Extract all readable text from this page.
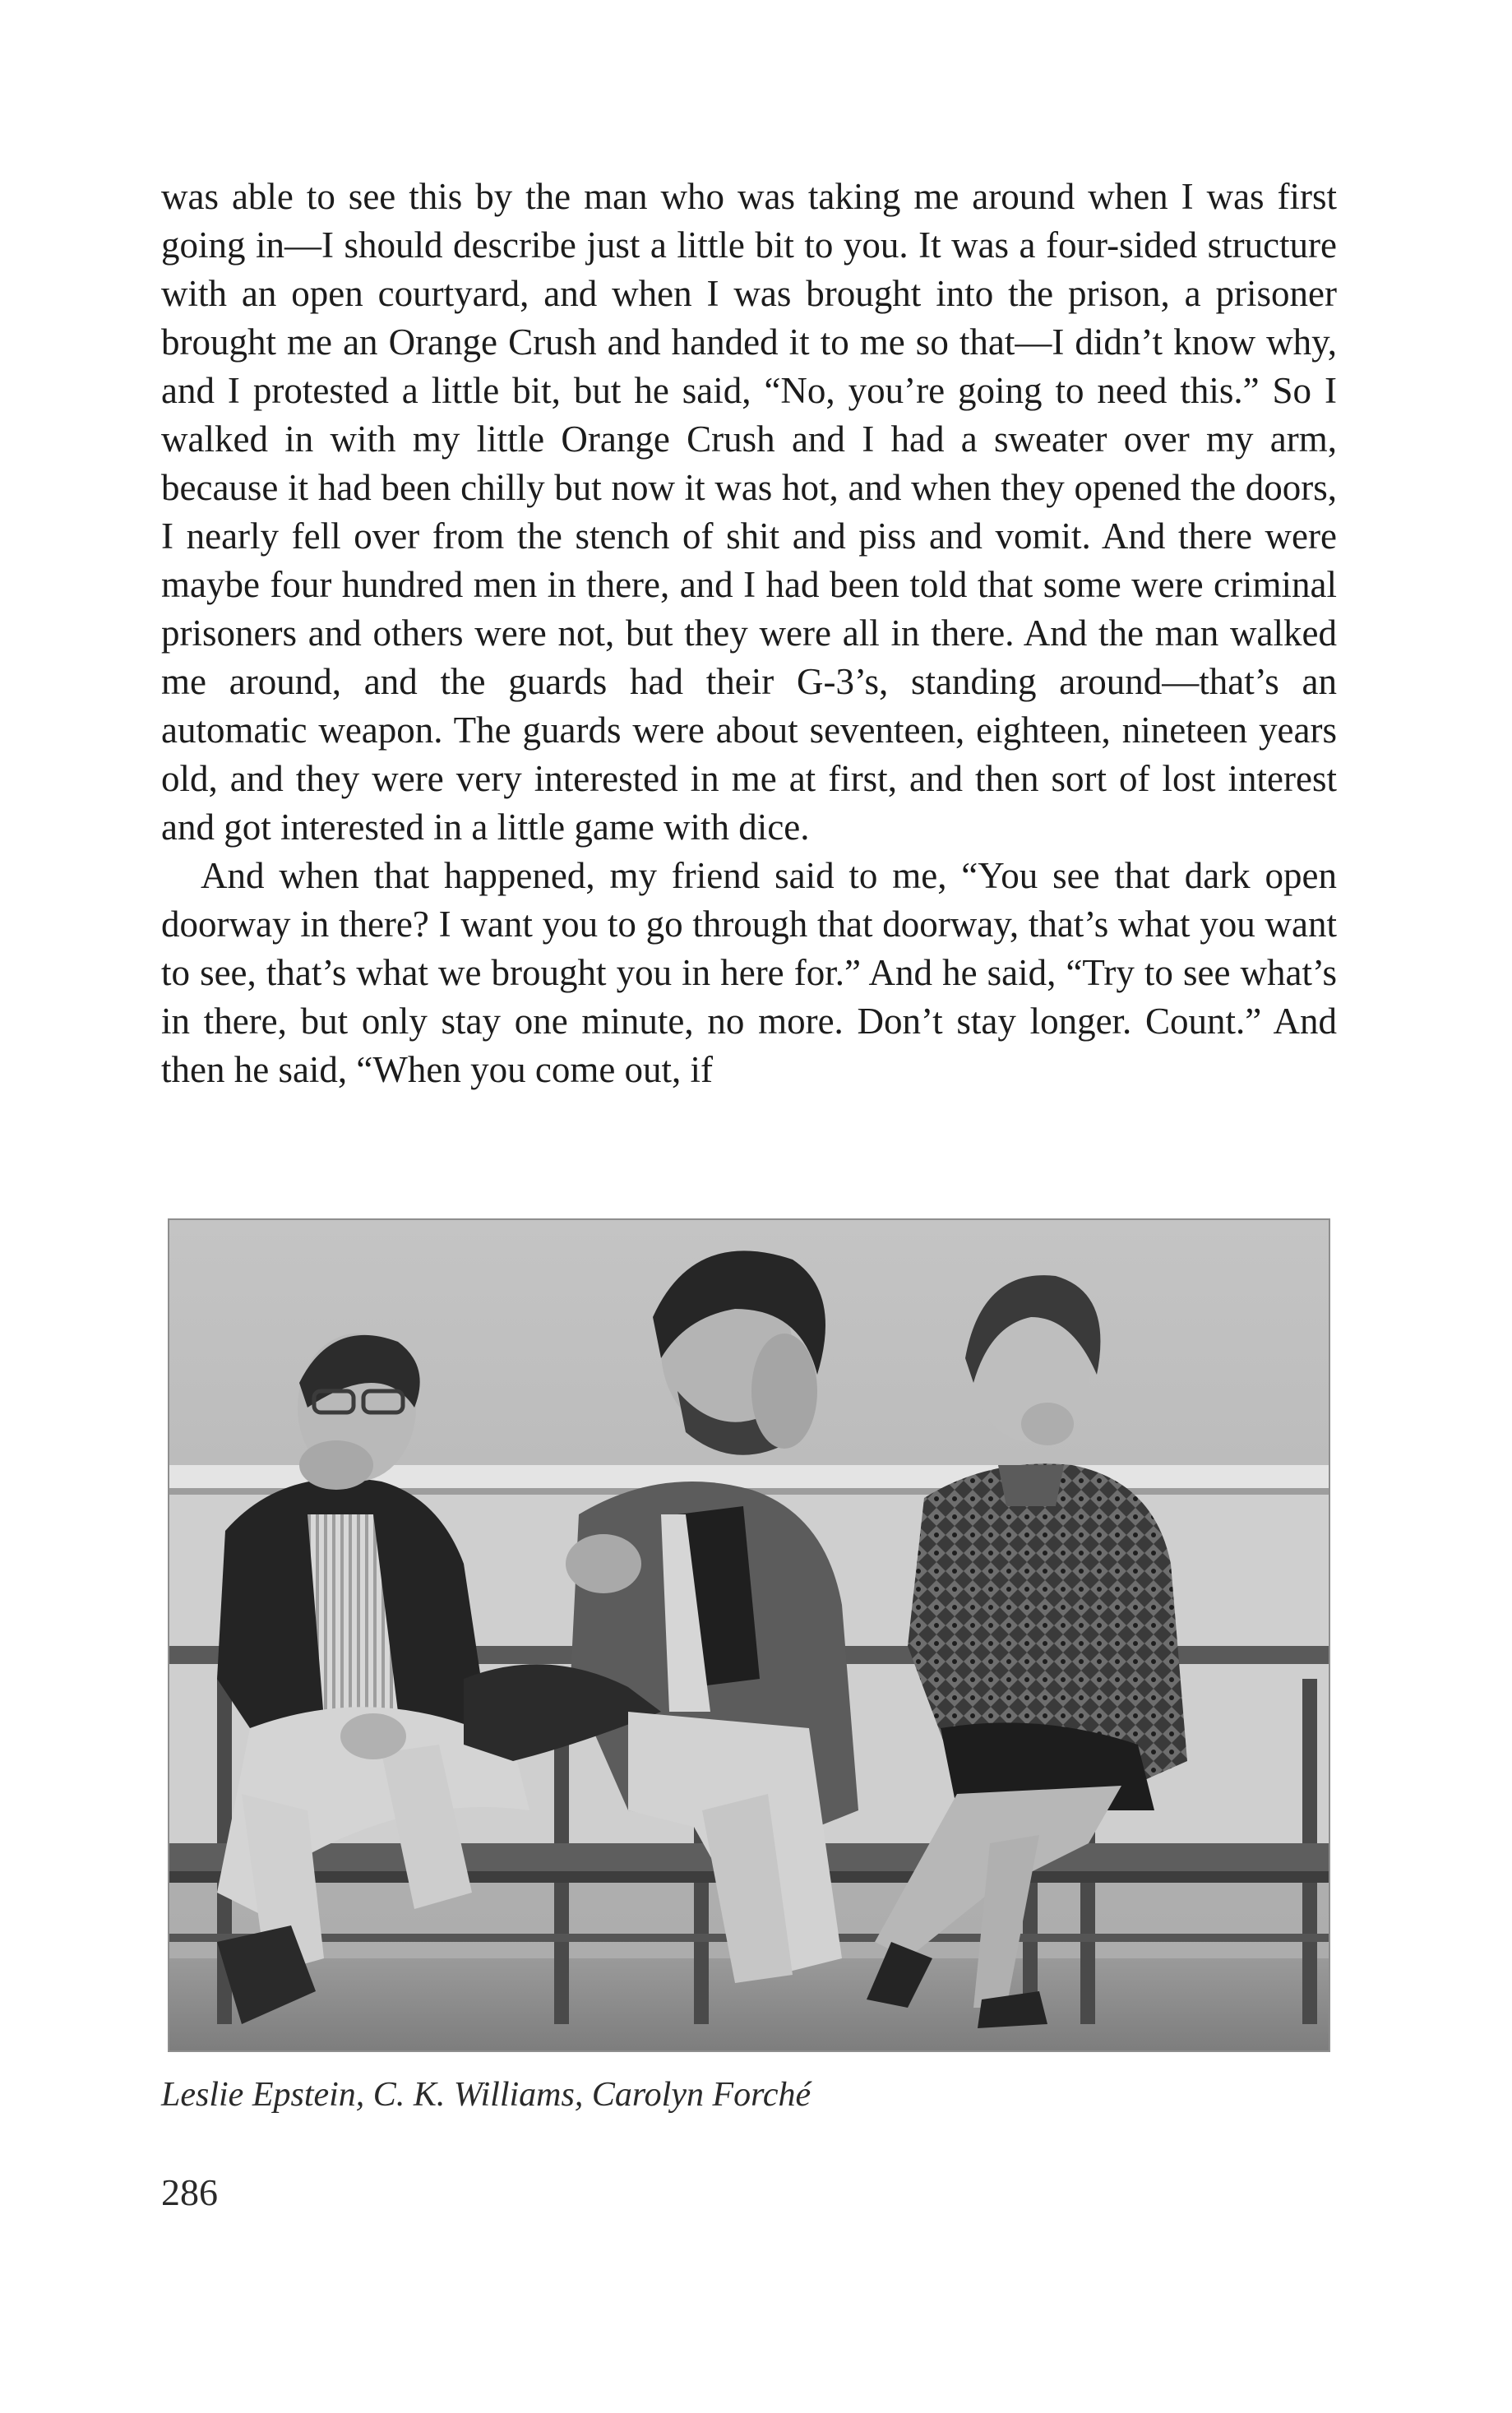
was able to see this by the man who was taking me around when I was first going in—I should describe just a little bit to you. It was a four-sided structure with an open courtyard, and when I was brought into the prison, a prisoner brought me an Orange Crush and handed it to me so that—I didn’t know why, and I protested a little bit, but he said, “No, you’re going to need this.” So I walked in with my little Orange Crush and I had a sweater over my arm, because it had been chilly but now it was hot, and when they opened the doors, I nearly fell over from the stench of shit and piss and vomit. And there were maybe four hundred men in there, and I had been told that some were criminal prisoners and others were not, but they were all in there. And the man walked me around, and the guards had their G-3’s, standing around—that’s an automatic weapon. The guards were about seventeen, eighteen, nineteen years old, and they were very interested in me at first, and then sort of lost interest and got interested in a little game with dice.

And when that happened, my friend said to me, “You see that dark open doorway in there? I want you to go through that doorway, that’s what you want to see, that’s what we brought you in here for.” And he said, “Try to see what’s in there, but only stay one minute, no more. Don’t stay longer. Count.” And then he said, “When you come out, if

Leslie Epstein, C. K. Williams, Carolyn Forché

286
